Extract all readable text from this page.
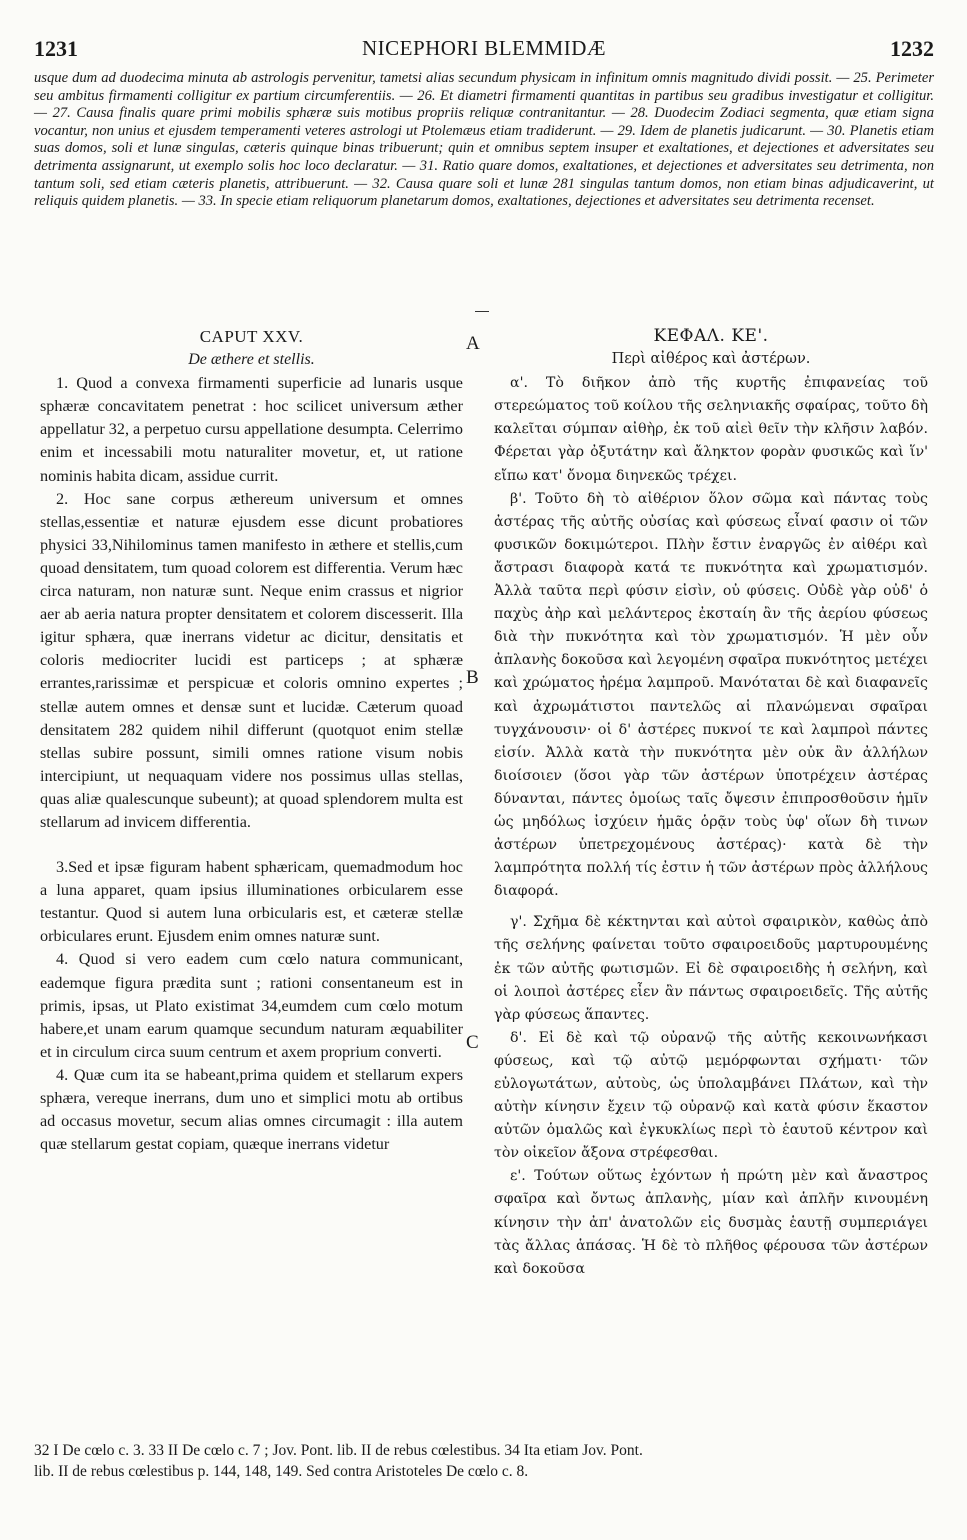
1231	NICEPHORI BLEMMIDÆ	1232

usque dum ad duodecima minuta ab astrologis pervenitur, tametsi alias secundum physicam in infinitum omnis magnitudo dividi possit. — 25. Perimeter seu ambitus firmamenti colligitur ex partium circumferentiis. — 26. Et diametri firmamenti quantitas in partibus seu gradibus investigatur et colligitur. — 27. Causa finalis quare primi mobilis sphæræ suis motibus propriis reliquæ contranitantur. — 28. Duodecim Zodiaci segmenta, quæ etiam signa vocantur, non unius et ejusdem temperamenti veteres astrologi ut Ptolemæus etiam tradiderunt. — 29. Idem de planetis judicarunt. — 30. Planetis etiam suas domos, soli et lunæ singulas, cæteris quinque binas tribuerunt; quin et omnibus septem insuper et exaltationes, et dejectiones et adversitates seu detrimenta assignarunt, ut exemplo solis hoc loco declaratur. — 31. Ratio quare domos, exaltationes, et dejectiones et adversitates seu detrimenta, non tantum soli, sed etiam cæteris planetis, attribuerunt. — 32. Causa quare soli et lunæ 281 singulas tantum domos, non etiam binas adjudicaverint, ut reliquis quidem planetis. — 33. In specie etiam reliquorum planetarum domos, exaltationes, dejectiones et adversitates seu detrimenta recenset.

CAPUT XXV.
De æthere et stellis.

1. Quod a convexa firmamenti superficie ad lunaris usque sphæræ concavitatem penetrat : hoc scilicet universum æther appellatur 32, a perpetuo cursu appellatione desumpta. Celerrimo enim et incessabili motu naturaliter movetur, et, ut ratione nominis habita dicam, assidue currit.

2. Hoc sane corpus æthereum universum et omnes stellas,essentiæ et naturæ ejusdem esse dicunt probatiores physici 33,Nihilominus tamen manifesto in æthere et stellis,cum quoad densitatem, tum quoad colorem est differentia. Verum hæc circa naturam, non naturæ sunt. Neque enim crassus et nigrior aer ab aeria natura propter densitatem et colorem discesserit. Illa igitur sphæra, quæ inerrans videtur ac dicitur, densitatis et coloris mediocriter lucidi est particeps ; at sphæræ errantes,rarissimæ et perspicuæ et coloris omnino expertes ; stellæ autem omnes et densæ sunt et lucidæ. Cæterum quoad densitatem 282 quidem nihil differunt (quotquot enim stellæ stellas subire possunt, simili omnes ratione visum nobis intercipiunt, ut nequaquam videre nos possimus ullas stellas, quas aliæ qualescunque subeunt); at quoad splendorem multa est stellarum ad invicem differentia.

3.Sed et ipsæ figuram habent sphæricam, quemadmodum hoc a luna apparet, quam ipsius illuminationes orbicularem esse testantur. Quod si autem luna orbicularis est, et cæteræ stellæ orbiculares erunt. Ejusdem enim omnes naturæ sunt.

4. Quod si vero eadem cum cœlo natura communicant, eademque figura prædita sunt ; rationi consentaneum est in primis, ipsas, ut Plato existimat 34,eumdem cum cœlo motum habere,et unam earum quamque secundum naturam æquabiliter et in circulum circa suum centrum et axem proprium converti.

4. Quæ cum ita se habeant,prima quidem et stellarum expers sphæra, vereque inerrans, dum uno et simplici motu ab ortibus ad occasus movetur, secum alias omnes circumagit : illa autem quæ stellarum gestat copiam, quæque inerrans videtur

A
B
C
ΚΕΦΑΛ. ΚΕ'.
Περὶ αἰθέρος καὶ ἀστέρων.

α'. Τὸ διῆκον ἀπὸ τῆς κυρτῆς ἐπιφανείας τοῦ στερεώματος τοῦ κοίλου τῆς σεληνιακῆς σφαίρας, τοῦτο δὴ καλεῖται σύμπαν αἰθὴρ, ἐκ τοῦ αἰεὶ θεῖν τὴν κλῆσιν λαβόν. Φέρεται γὰρ ὀξυτάτην καὶ ἄληκτον φορὰν φυσικῶς καὶ ἵν' εἴπω κατ' ὄνομα διηνεκῶς τρέχει.

β'. Τοῦτο δὴ τὸ αἰθέριον ὅλον σῶμα καὶ πάντας τοὺς ἀστέρας τῆς αὐτῆς οὐσίας καὶ φύσεως εἶναί φασιν οἱ τῶν φυσικῶν δοκιμώτεροι. Πλὴν ἔστιν ἐναργῶς ἐν αἰθέρι καὶ ἄστρασι διαφορὰ κατά τε πυκνότητα καὶ χρωματισμόν. Ἀλλὰ ταῦτα περὶ φύσιν εἰσὶν, οὐ φύσεις. Οὐδὲ γὰρ οὐδ' ὁ παχὺς ἀὴρ καὶ μελάντερος ἐκσταίη ἂν τῆς ἀερίου φύσεως διὰ τὴν πυκνότητα καὶ τὸν χρωματισμόν. Ἡ μὲν οὖν ἀπλανὴς δοκοῦσα καὶ λεγομένη σφαῖρα πυκνότητος μετέχει καὶ χρώματος ἠρέμα λαμπροῦ. Μανόταται δὲ καὶ διαφανεῖς καὶ ἀχρωμάτιστοι παντελῶς αἱ πλανώμεναι σφαῖραι τυγχάνουσιν· οἱ δ' ἀστέρες πυκνοί τε καὶ λαμπροὶ πάντες εἰσίν. Ἀλλὰ κατὰ τὴν πυκνότητα μὲν οὐκ ἂν ἀλλήλων διοίσοιεν (ὅσοι γὰρ τῶν ἀστέρων ὑποτρέχειν ἀστέρας δύνανται, πάντες ὁμοίως ταῖς ὄψεσιν ἐπιπροσθοῦσιν ἡμῖν ὡς μηδόλως ἰσχύειν ἡμᾶς ὁρᾷν τοὺς ὑφ' οἵων δὴ τινων ἀστέρων ὑπετρεχομένους ἀστέρας)· κατὰ δὲ τὴν λαμπρότητα πολλή τίς ἐστιν ἡ τῶν ἀστέρων πρὸς ἀλλήλους διαφορά.

γ'. Σχῆμα δὲ κέκτηνται καὶ αὐτοὶ σφαιρικὸν, καθὼς ἀπὸ τῆς σελήνης φαίνεται τοῦτο σφαιροειδοῦς μαρτυρουμένης ἐκ τῶν αὐτῆς φωτισμῶν. Εἰ δὲ σφαιροειδὴς ἡ σελήνη, καὶ οἱ λοιποὶ ἀστέρες εἶεν ἂν πάντως σφαιροειδεῖς. Τῆς αὐτῆς γὰρ φύσεως ἅπαντες.

δ'. Εἰ δὲ καὶ τῷ οὐρανῷ τῆς αὐτῆς κεκοινωνήκασι φύσεως, καὶ τῷ αὐτῷ μεμόρφωνται σχήματι· τῶν εὐλογωτάτων, αὐτοὺς, ὡς ὑπολαμβάνει Πλάτων, καὶ τὴν αὐτὴν κίνησιν ἔχειν τῷ οὐρανῷ καὶ κατὰ φύσιν ἕκαστον αὐτῶν ὁμαλῶς καὶ ἐγκυκλίως περὶ τὸ ἑαυτοῦ κέντρον καὶ τὸν οἰκεῖον ἄξονα στρέφεσθαι.

ε'. Τούτων οὕτως ἐχόντων ἡ πρώτη μὲν καὶ ἄναστρος σφαῖρα καὶ ὄντως ἀπλανὴς, μίαν καὶ ἁπλῆν κινουμένη κίνησιν τὴν ἀπ' ἀνατολῶν εἰς δυσμὰς ἑαυτῇ συμπεριάγει τὰς ἄλλας ἁπάσας. Ἡ δὲ τὸ πλῆθος φέρουσα τῶν ἀστέρων καὶ δοκοῦσα

32 I De cœlo c. 3. 33 II De cœlo c. 7 ; Jov. Pont. lib. II de rebus cœlestibus. 34 Ita etiam Jov. Pont.

lib. II de rebus cœlestibus p. 144, 148, 149. Sed contra Aristoteles De cœlo c. 8.
